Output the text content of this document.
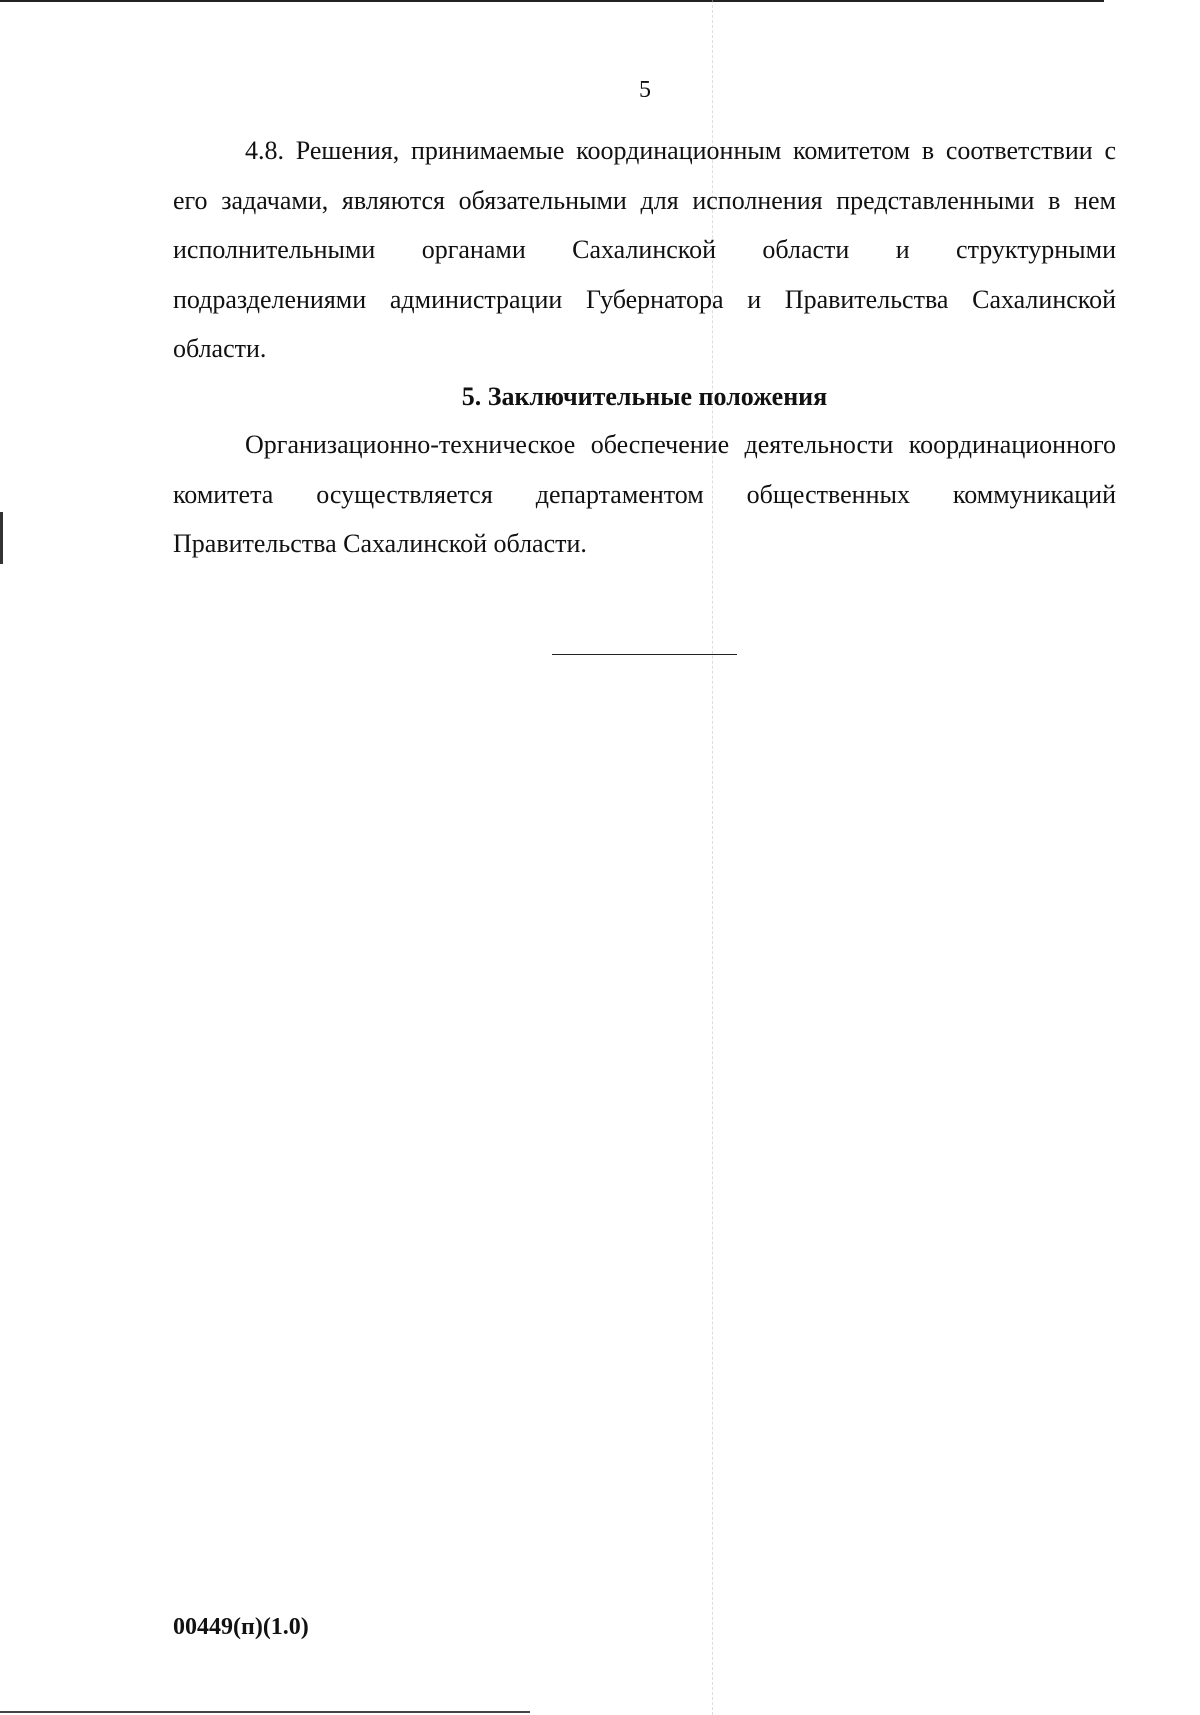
5

4.8. Решения, принимаемые координационным комитетом в соответствии с его задачами, являются обязательными для исполнения представленными в нем исполнительными органами Сахалинской области и структурными подразделениями администрации Губернатора и Правительства Сахалинской области.

5. Заключительные положения

Организационно-техническое обеспечение деятельности координационного комитета осуществляется департаментом общественных коммуникаций Правительства Сахалинской области.

00449(п)(1.0)
